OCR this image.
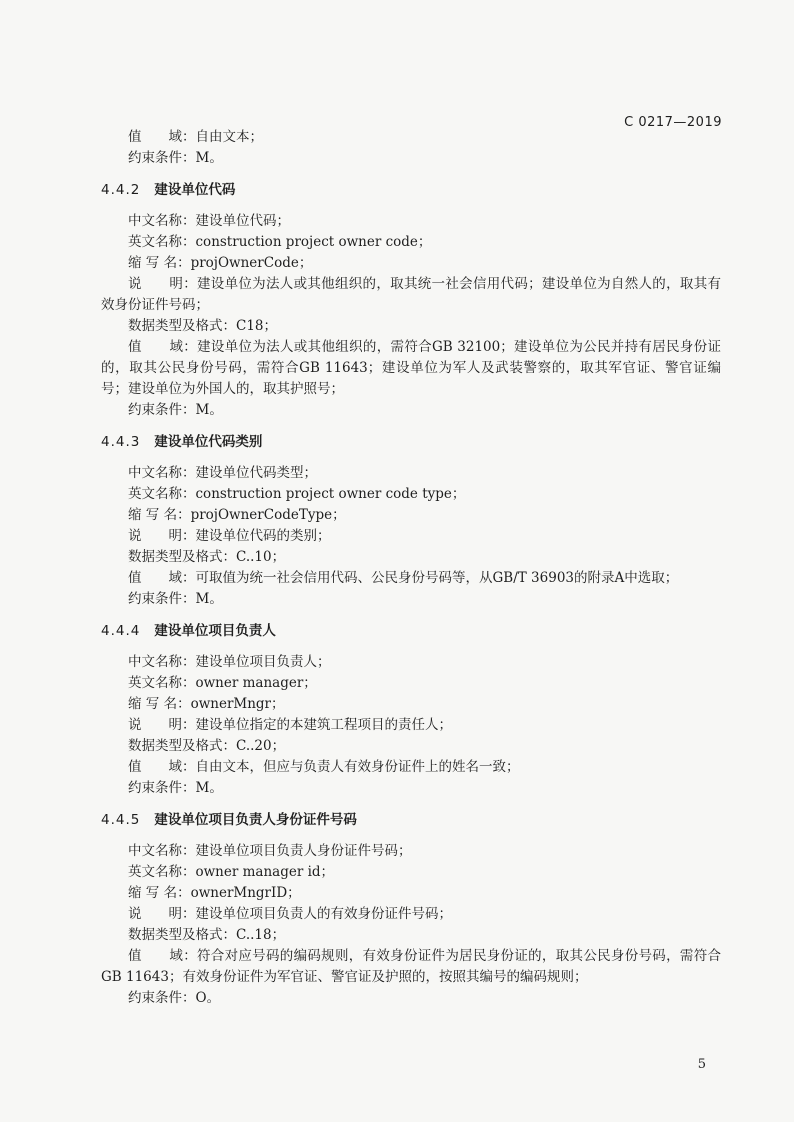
C 0217—2019

值　　域：自由文本；

约束条件：M。

4.4.2 建设单位代码

中文名称：建设单位代码；

英文名称：construction project owner code；

缩 写 名：projOwnerCode；

说　　明：建设单位为法人或其他组织的，取其统一社会信用代码；建设单位为自然人的，取其有效身份证件号码；

数据类型及格式：C18；

值　　域：建设单位为法人或其他组织的，需符合GB 32100；建设单位为公民并持有居民身份证的，取其公民身份号码，需符合GB 11643；建设单位为军人及武装警察的，取其军官证、警官证编号；建设单位为外国人的，取其护照号；

约束条件：M。

4.4.3 建设单位代码类别

中文名称：建设单位代码类型；

英文名称：construction project owner code type；

缩 写 名：projOwnerCodeType；

说　　明：建设单位代码的类别；

数据类型及格式：C..10；

值　　域：可取值为统一社会信用代码、公民身份号码等，从GB/T 36903的附录A中选取；

约束条件：M。

4.4.4 建设单位项目负责人

中文名称：建设单位项目负责人；

英文名称：owner manager；

缩 写 名：ownerMngr；

说　　明：建设单位指定的本建筑工程项目的责任人；

数据类型及格式：C..20；

值　　域：自由文本，但应与负责人有效身份证件上的姓名一致；

约束条件：M。

4.4.5 建设单位项目负责人身份证件号码

中文名称：建设单位项目负责人身份证件号码；

英文名称：owner manager id；

缩 写 名：ownerMngrID；

说　　明：建设单位项目负责人的有效身份证件号码；

数据类型及格式：C..18；

值　　域：符合对应号码的编码规则，有效身份证件为居民身份证的，取其公民身份号码，需符合GB 11643；有效身份证件为军官证、警官证及护照的，按照其编号的编码规则；

约束条件：O。

5
